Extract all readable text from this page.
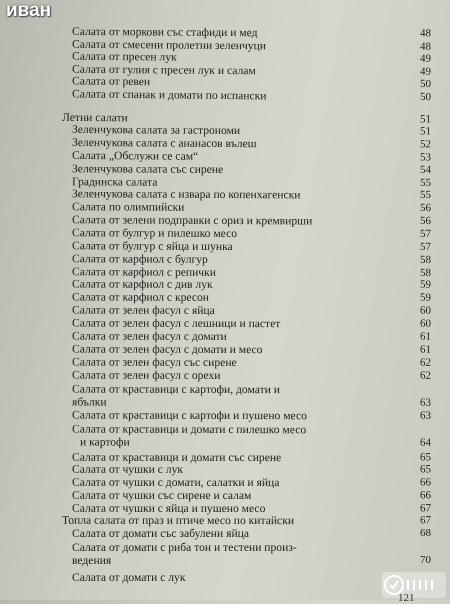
Салата от моркови със стафиди и мед	48
Салата от смесени пролетни зеленчуци	48
Салата от пресен лук	49
Салата от гулия с пресен лук и салам	49
Салата от ревен	50
Салата от спанак и домати по испански	50
Летни салати	51
Зеленчукова салата за гастрономи	51
Зеленчукова салата с ананасов вълеш	52
Салата „Обслужи се сам“	53
Зеленчукова салата със сирене	54
Градинска салата	55
Зеленчукова салата с извара по копенхагенски	55
Салата по олимпийски	56
Салата от зелени подправки с ориз и кремвирши	56
Салата от булгур и пилешко месо	57
Салата от булгур с яйца и шунка	57
Салата от карфиол с булгур	58
Салата от карфиол с репички	58
Салата от карфиол с див лук	59
Салата от карфиол с кресон	59
Салата от зелен фасул с яйца	60
Салата от зелен фасул с лешници и пастет	60
Салата от зелен фасул с домати	61
Салата от зелен фасул с домати и месо	61
Салата от зелен фасул със сирене	62
Салата от зелен фасул с орехи	62
Салата от краставици с картофи, домати и
ябълки	63
Салата от краставици с картофи и пушено месо	63
Салата от краставици и домати с пилешко месо
и картофи	64
Салата от краставици и домати със сирене	65
Салата от чушки с лук	65
Салата от чушки с домати, салатки и яйца	66
Салата от чушки със сирене и салам	66
Салата от чушки с яйца и пушено месо	67
Топла салата от праз и птиче месо по китайски	67
Салата от домати със забулени яйца	68
Салата от домати с риба тон и тестени произ-
ведения	70
Салата от домати с лук
иван
121
